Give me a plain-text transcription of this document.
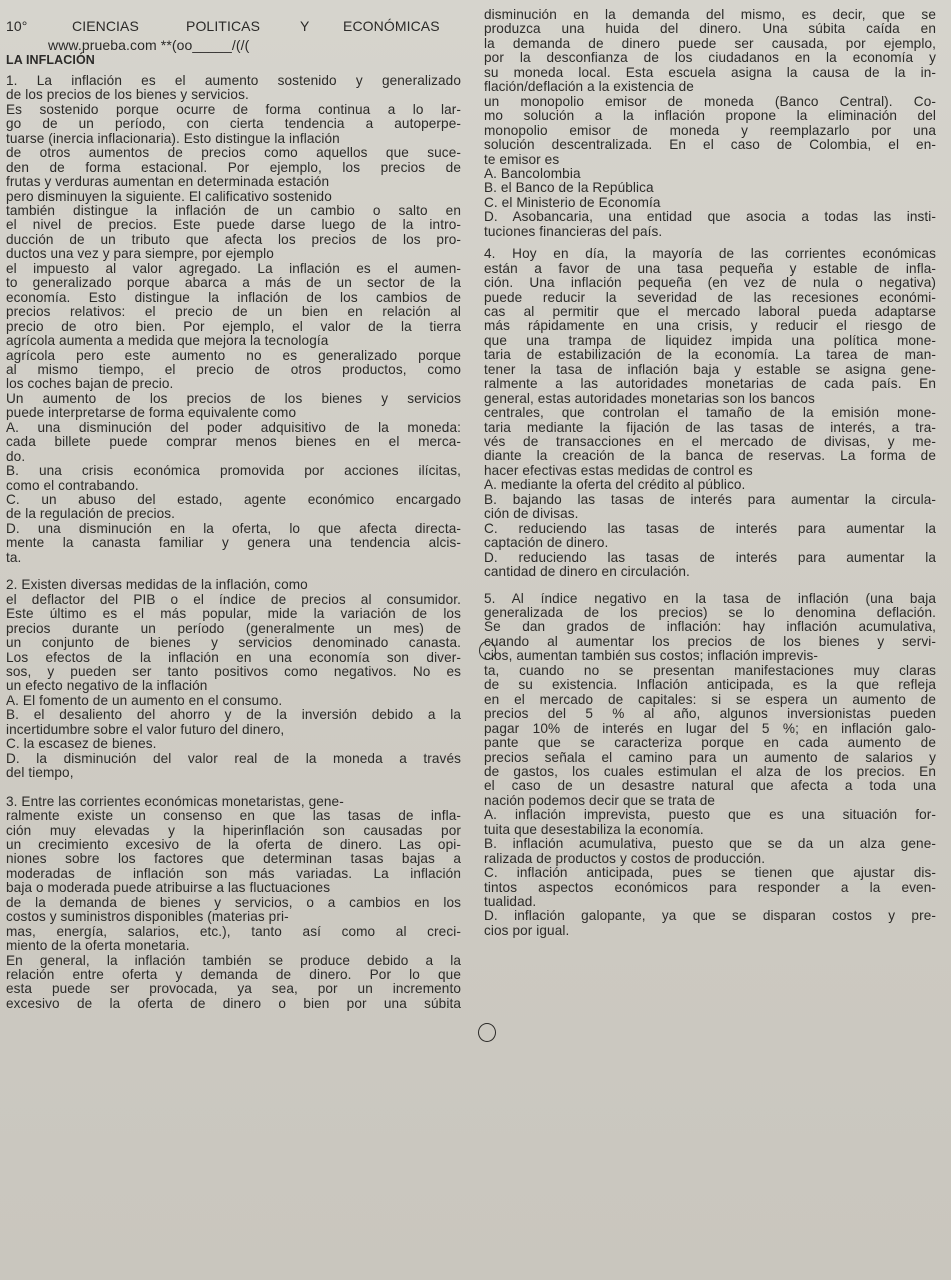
10°	CIENCIAS	POLITICAS	Y ECONÓMICAS
www.prueba.com **(oo_____/(/(
LA INFLACIÓN
1. La inflación es el aumento sostenido y generalizado
de los precios de los bienes y servicios.
Es sostenido porque ocurre de forma continua a lo lar-
go de un período, con cierta tendencia a autoperpe-
tuarse (inercia inflacionaria). Esto distingue la inflación
de otros aumentos de precios como aquellos que suce-
den de forma estacional. Por ejemplo, los precios de
frutas y verduras aumentan en determinada estación
pero disminuyen la siguiente. El calificativo sostenido
también distingue la inflación de un cambio o salto en
el nivel de precios. Este puede darse luego de la intro-
ducción de un tributo que afecta los precios de los pro-
ductos una vez y para siempre, por ejemplo
el impuesto al valor agregado. La inflación es el aumen-
to generalizado porque abarca a más de un sector de la
economía. Esto distingue la inflación de los cambios de
precios relativos: el precio de un bien en relación al
precio de otro bien. Por ejemplo, el valor de la tierra
agrícola aumenta a medida que mejora la tecnología
agrícola pero este aumento no es generalizado porque
al mismo tiempo, el precio de otros productos, como
los coches bajan de precio.
Un aumento de los precios de los bienes y servicios
puede interpretarse de forma equivalente como
A. una disminución del poder adquisitivo de la moneda:
cada billete puede comprar menos bienes en el merca-
do.
B. una crisis económica promovida por acciones ilícitas,
como el contrabando.
C. un abuso del estado, agente económico encargado
de la regulación de precios.
D. una disminución en la oferta, lo que afecta directa-
mente la canasta familiar y genera una tendencia alcis-
ta.
2. Existen diversas medidas de la inflación, como
el deflactor del PIB o el índice de precios al consumidor.
Este último es el más popular, mide la variación de los
precios durante un período (generalmente un mes) de
un conjunto de bienes y servicios denominado canasta.
Los efectos de la inflación en una economía son diver-
sos, y pueden ser tanto positivos como negativos. No es
un efecto negativo de la inflación
A. El fomento de un aumento en el consumo.
B. el desaliento del ahorro y de la inversión debido a la
incertidumbre sobre el valor futuro del dinero,
C. la escasez de bienes.
D. la disminución del valor real de la moneda a través
del tiempo,
3. Entre las corrientes económicas monetaristas, gene-
ralmente existe un consenso en que las tasas de infla-
ción muy elevadas y la hiperinflación son causadas por
un crecimiento excesivo de la oferta de dinero. Las opi-
niones sobre los factores que determinan tasas bajas a
moderadas de inflación son más variadas. La inflación
baja o moderada puede atribuirse a las fluctuaciones
de la demanda de bienes y servicios, o a cambios en los
costos y suministros disponibles (materias pri-
mas, energía, salarios, etc.), tanto así como al creci-
miento de la oferta monetaria.
En general, la inflación también se produce debido a la
relación entre oferta y demanda de dinero. Por lo que
esta puede ser provocada, ya sea, por un incremento
excesivo de la oferta de dinero o bien por una súbita
disminución en la demanda del mismo, es decir, que se
produzca una huida del dinero. Una súbita caída en
la demanda de dinero puede ser causada, por ejemplo,
por la desconfianza de los ciudadanos en la economía y
su moneda local. Esta escuela asigna la causa de la in-
flación/deflación a la existencia de
un monopolio emisor de moneda (Banco Central). Co-
mo solución a la inflación propone la eliminación del
monopolio emisor de moneda y reemplazarlo por una
solución descentralizada. En el caso de Colombia, el en-
te emisor es
A. Bancolombia
B. el Banco de la República
C. el Ministerio de Economía
D. Asobancaria, una entidad que asocia a todas las insti-
tuciones financieras del país.
4. Hoy en día, la mayoría de las corrientes económicas
están a favor de una tasa pequeña y estable de infla-
ción. Una inflación pequeña (en vez de nula o negativa)
puede reducir la severidad de las recesiones económi-
cas al permitir que el mercado laboral pueda adaptarse
más rápidamente en una crisis, y reducir el riesgo de
que una trampa de liquidez impida una política mone-
taria de estabilización de la economía. La tarea de man-
tener la tasa de inflación baja y estable se asigna gene-
ralmente a las autoridades monetarias de cada país. En
general, estas autoridades monetarias son los bancos
centrales, que controlan el tamaño de la emisión mone-
taria mediante la fijación de las tasas de interés, a tra-
vés de transacciones en el mercado de divisas, y me-
diante la creación de la banca de reservas. La forma de
hacer efectivas estas medidas de control es
A. mediante la oferta del crédito al público.
B. bajando las tasas de interés para aumentar la circula-
ción de divisas.
C. reduciendo las tasas de interés para aumentar la
captación de dinero.
D. reduciendo las tasas de interés para aumentar la
cantidad de dinero en circulación.
5. Al índice negativo en la tasa de inflación (una baja
generalizada de los precios) se lo denomina deflación.
Se dan grados de inflación: hay inflación acumulativa,
cuando al aumentar los precios de los bienes y servi-
cios, aumentan también sus costos; inflación imprevis-
ta, cuando no se presentan manifestaciones muy claras
de su existencia. Inflación anticipada, es la que refleja
en el mercado de capitales: si se espera un aumento de
precios del 5 % al año, algunos inversionistas pueden
pagar 10% de interés en lugar del 5 %; en inflación galo-
pante que se caracteriza porque en cada aumento de
precios señala el camino para un aumento de salarios y
de gastos, los cuales estimulan el alza de los precios. En
el caso de un desastre natural que afecta a toda una
nación podemos decir que se trata de
A. inflación imprevista, puesto que es una situación for-
tuita que desestabiliza la economía.
B. inflación acumulativa, puesto que se da un alza gene-
ralizada de productos y costos de producción.
C. inflación anticipada, pues se tienen que ajustar dis-
tintos aspectos económicos para responder a la even-
tualidad.
D. inflación galopante, ya que se disparan costos y pre-
cios por igual.
